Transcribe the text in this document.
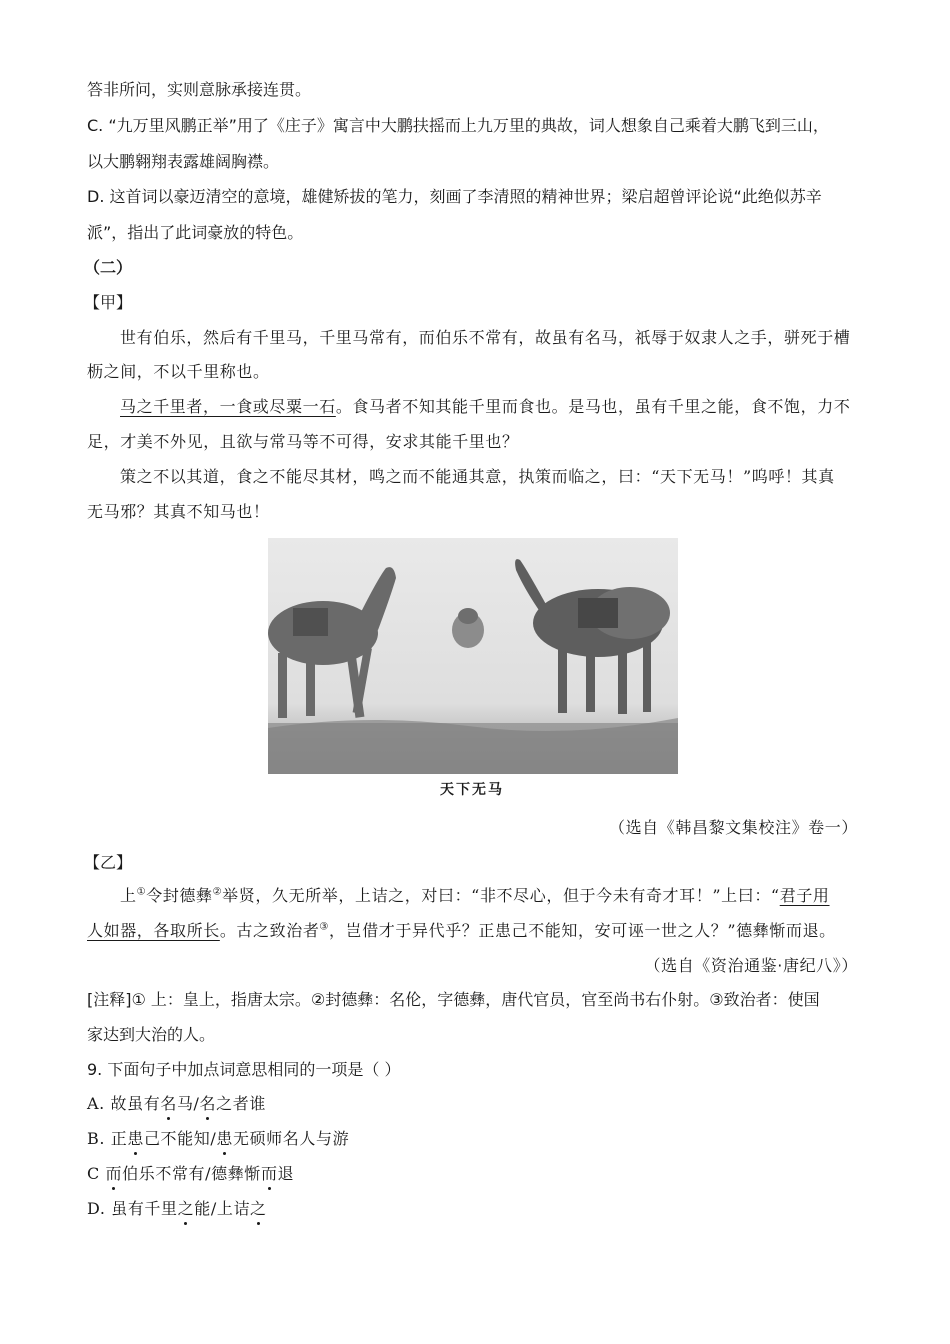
答非所问，实则意脉承接连贯。
C. “九万里风鹏正举”用了《庄子》寓言中大鹏扶摇而上九万里的典故，词人想象自己乘着大鹏飞到三山，
以大鹏翱翔表露雄阔胸襟。
D. 这首词以豪迈清空的意境，雄健矫拔的笔力，刻画了李清照的精神世界；梁启超曾评论说“此绝似苏辛
派”，指出了此词豪放的特色。
（二）
【甲】
世有伯乐，然后有千里马，千里马常有，而伯乐不常有，故虽有名马，祇辱于奴隶人之手，骈死于槽
枥之间，不以千里称也。
马之千里者，一食或尽粟一石。食马者不知其能千里而食也。是马也，虽有千里之能，食不饱，力不
足，才美不外见，且欲与常马等不可得，安求其能千里也？
策之不以其道，食之不能尽其材，鸣之而不能通其意，执策而临之，曰：“天下无马！”呜呼！其真
无马邪？其真不知马也！
天下无马
（选自《韩昌黎文集校注》卷一）
【乙】
上①令封德彝②举贤，久无所举，上诘之，对曰：“非不尽心，但于今未有奇才耳！”上曰：“君子用
人如器，各取所长。古之致治者③，岂借才于异代乎？正患己不能知，安可诬一世之人？”德彝惭而退。
（选自《资治通鉴·唐纪八》）
[注释]① 上：皇上，指唐太宗。②封德彝：名伦，字德彝，唐代官员，官至尚书右仆射。③致治者：使国
家达到大治的人。
9. 下面句子中加点词意思相同的一项是（ ）
A. 故虽有名马/名之者谁
B. 正患己不能知/患无硕师名人与游
C 而伯乐不常有/德彝惭而退
D. 虽有千里之能/上诘之
